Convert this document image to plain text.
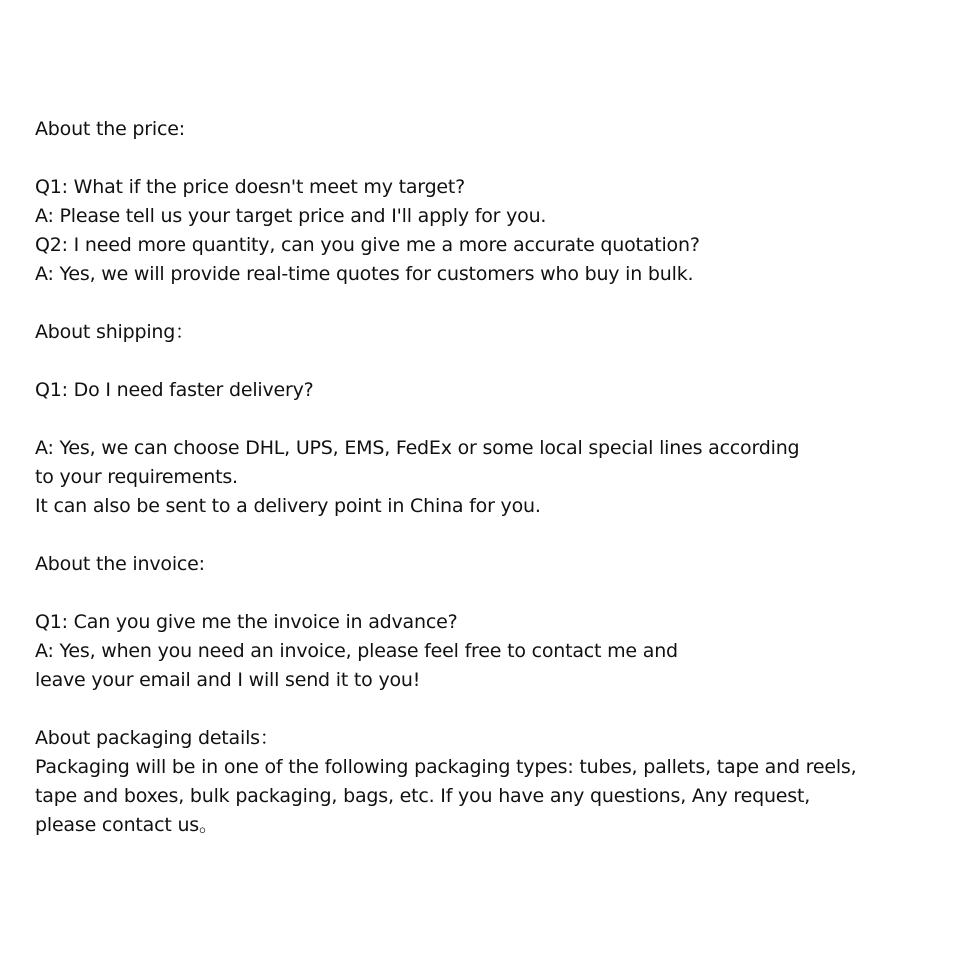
About the price:
Q1: What if the price doesn't meet my target?
A: Please tell us your target price and I'll apply for you.
Q2: I need more quantity, can you give me a more accurate quotation?
A: Yes, we will provide real-time quotes for customers who buy in bulk.
About shipping：
Q1: Do I need faster delivery?
A: Yes, we can choose DHL, UPS, EMS, FedEx or some local special lines according
to your requirements.
It can also be sent to a delivery point in China for you.
About the invoice:
Q1: Can you give me the invoice in advance?
A: Yes, when you need an invoice, please feel free to contact me and
leave your email and I will send it to you!
About packaging details：
Packaging will be in one of the following packaging types: tubes, pallets, tape and reels,
tape and boxes, bulk packaging, bags, etc. If you have any questions, Any request,
please contact us。
